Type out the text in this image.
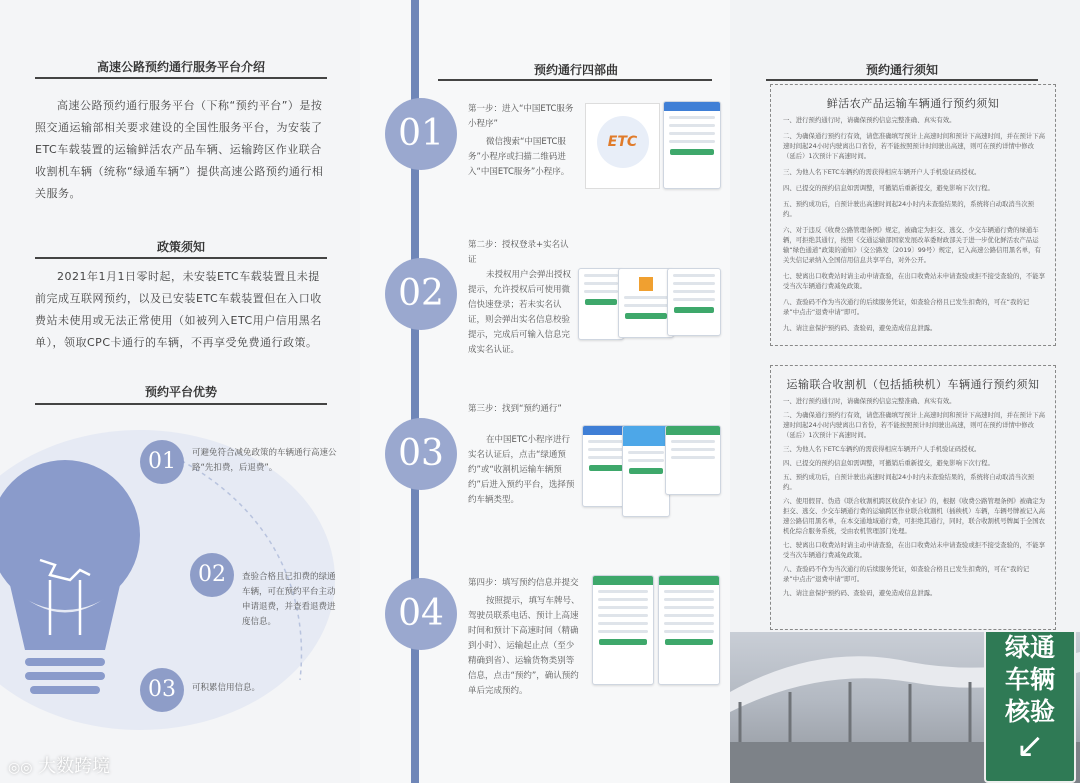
高速公路预约通行服务平台介绍
高速公路预约通行服务平台（下称“预约平台”）是按照交通运输部相关要求建设的全国性服务平台，为安装了ETC车载装置的运输鲜活农产品车辆、运输跨区作业联合收割机车辆（统称“绿通车辆”）提供高速公路预约通行相关服务。
政策须知
2021年1月1日零时起，未安装ETC车载装置且未提前完成互联网预约，以及已安装ETC车载装置但在入口收费站未使用或无法正常使用（如被列入ETC用户信用黑名单），领取CPC卡通行的车辆，不再享受免费通行政策。
预约平台优势
01	可避免符合减免政策的车辆通行高速公路“先扣费，后退费”。
02	查验合格且已扣费的绿通车辆，可在预约平台主动申请退费，并查看退费进度信息。
03	可积累信用信息。
◎◎ 大数跨境
预约通行四部曲
01
第一步：进入“中国ETC服务小程序”
微信搜索“中国ETC服务”小程序或扫描二维码进入“中国ETC服务”小程序。
ETC
02
第二步：授权登录+实名认证
未授权用户会弹出授权提示，允许授权后可使用微信快速登录；若未实名认证，则会弹出实名信息校验提示，完成后可输入信息完成实名认证。
03
第三步：找到“预约通行”
在中国ETC小程序进行实名认证后，点击“绿通预约”或“收割机运输车辆预约”后进入预约平台，选择预约车辆类型。
04
第四步：填写预约信息并提交
按照提示，填写车牌号、驾驶员联系电话、预计上高速时间和预计下高速时间（精确到小时）、运输起止点（至少精确到省）、运输货物类别等信息，点击“预约”，确认预约单后完成预约。
预约通行须知
鲜活农产品运输车辆通行预约须知
一、进行预约通行时，请确保预约信息完整准确、真实有效。
二、为确保通行预约行有效，请您准确填写预计上高速时间和预计下高速时间，并在预计下高速时间起24小时内驶离出口省份，若不能按照预计时间驶出高速，则可在预约详情中修改（延后）1次预计下高速时间。
三、为他人名下ETC车辆约的需获得相应车辆开户人手机验证码授权。
四、已提交的预约信息如需调整，可撤销后重新提交，避免影响下次行程。
五、预约成功后，自预计驶出高速时间起24小时内未查验结果的，系统将自动取消当次预约。
六、对于违反《收费公路管理条例》规定，被确定为拒交、逃交、少交车辆通行费的绿通车辆，可拒绝其通行，按照《交通运输部国家发展改革委财政部关于进一步优化鲜活农产品运输“绿色通道”政策的通知》（交公路发〔2019〕99号）规定，记入高速公路信用黑名单，有关失信记录纳入全国信用信息共享平台，对外公开。
七、驶离出口收费站时请主动申请查验，在出口收费站未申请查验或拒不接受查验的，不能享受当次车辆通行费减免政策。
八、查验码不作为当次通行的后续服务凭证，如查验合格且已发生扣费的，可在“我的记录”中点击“退费申请”即可。
九、请注意保护预约码、查验码，避免造成信息泄露。
运输联合收割机（包括插秧机）车辆通行预约须知
一、进行预约通行时，请确保预约信息完整准确、真实有效。
二、为确保通行预约行有效，请您准确填写预计上高速时间和预计下高速时间，并在预计下高速时间起24小时内驶离出口省份，若不能按照预计时间驶出高速，则可在预约详情中修改（延后）1次预计下高速时间。
三、为他人名下ETC车辆约的需获得相应车辆开户人手机验证码授权。
四、已提交的预约信息如需调整，可撤销后重新提交，避免影响下次行程。
五、预约成功后，自预计驶出高速时间起24小时内未查验结果的，系统将自动取消当次预约。
六、使用假冒、伪造《联合收割机跨区收获作业证》的，根据《收费公路管理条例》被确定为拒交、逃交、少交车辆通行费的运输跨区作业联合收割机（插秧机）车辆，车辆号牌被记入高速公路信用黑名单，在本交通地域通行费，可拒绝其通行，同时，联合收割机号牌属于全国农机化综合服务系统，受由农机管理部门处理。
七、驶离出口收费站时请主动申请查验，在出口收费站未申请查验或拒不接受查验的，不能享受当次车辆通行费减免政策。
八、查验码不作为当次通行的后续服务凭证，如查验合格且已发生扣费的，可在“我的记录”中点击“退费申请”即可。
九、请注意保护预约码、查验码，避免造成信息泄露。
绿通车辆核验
↙
